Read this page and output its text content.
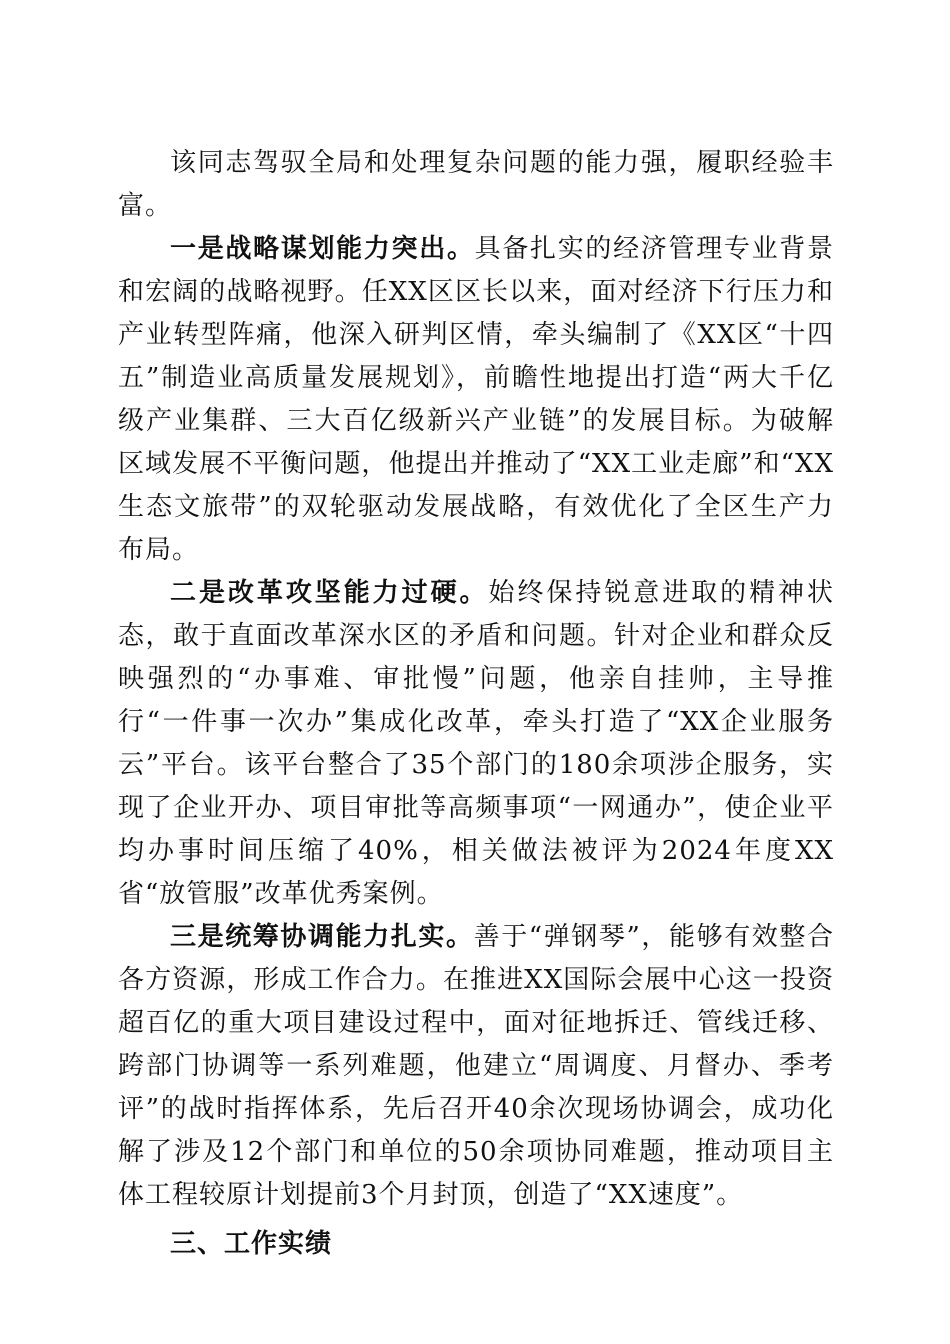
该同志驾驭全局和处理复杂问题的能力强，履职经验丰富。

一是战略谋划能力突出。具备扎实的经济管理专业背景和宏阔的战略视野。任XX区区长以来，面对经济下行压力和产业转型阵痛，他深入研判区情，牵头编制了《XX区“十四五”制造业高质量发展规划》，前瞻性地提出打造“两大千亿级产业集群、三大百亿级新兴产业链”的发展目标。为破解区域发展不平衡问题，他提出并推动了“XX工业走廊”和“XX生态文旅带”的双轮驱动发展战略，有效优化了全区生产力布局。

二是改革攻坚能力过硬。始终保持锐意进取的精神状态，敢于直面改革深水区的矛盾和问题。针对企业和群众反映强烈的“办事难、审批慢”问题，他亲自挂帅，主导推行“一件事一次办”集成化改革，牵头打造了“XX企业服务云”平台。该平台整合了35个部门的180余项涉企服务，实现了企业开办、项目审批等高频事项“一网通办”，使企业平均办事时间压缩了40%，相关做法被评为2024年度XX省“放管服”改革优秀案例。

三是统筹协调能力扎实。善于“弹钢琴”，能够有效整合各方资源，形成工作合力。在推进XX国际会展中心这一投资超百亿的重大项目建设过程中，面对征地拆迁、管线迁移、跨部门协调等一系列难题，他建立“周调度、月督办、季考评”的战时指挥体系，先后召开40余次现场协调会，成功化解了涉及12个部门和单位的50余项协同难题，推动项目主体工程较原计划提前3个月封顶，创造了“XX速度”。

三、工作实绩
